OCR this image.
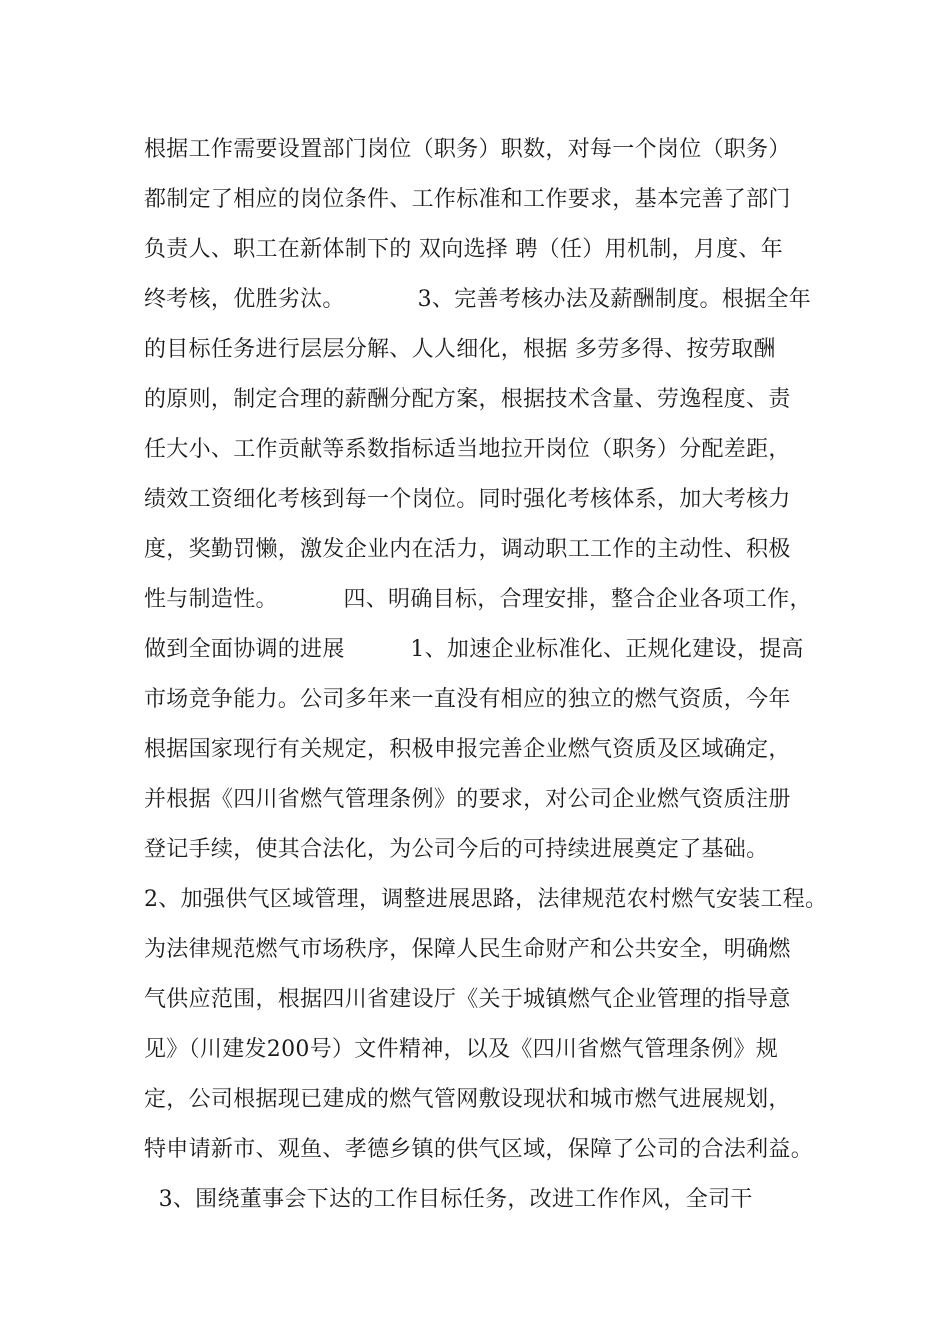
根据工作需要设置部门岗位（职务）职数，对每一个岗位（职务）
都制定了相应的岗位条件、工作标准和工作要求，基本完善了部门
负责人、职工在新体制下的 双向选择 聘（任）用机制，月度、年
终考核，优胜劣汰。          3、完善考核办法及薪酬制度。根据全年
的目标任务进行层层分解、人人细化，根据 多劳多得、按劳取酬
的原则，制定合理的薪酬分配方案，根据技术含量、劳逸程度、责
任大小、工作贡献等系数指标适当地拉开岗位（职务）分配差距，
绩效工资细化考核到每一个岗位。同时强化考核体系，加大考核力
度，奖勤罚懒，激发企业内在活力，调动职工工作的主动性、积极
性与制造性。         四、明确目标，合理安排，整合企业各项工作，
做到全面协调的进展         1、加速企业标准化、正规化建设，提高
市场竞争能力。公司多年来一直没有相应的独立的燃气资质，今年
根据国家现行有关规定，积极申报完善企业燃气资质及区域确定，
并根据《四川省燃气管理条例》的要求，对公司企业燃气资质注册
登记手续，使其合法化，为公司今后的可持续进展奠定了基础。
2、加强供气区域管理，调整进展思路，法律规范农村燃气安装工程。
为法律规范燃气市场秩序，保障人民生命财产和公共安全，明确燃
气供应范围，根据四川省建设厅《关于城镇燃气企业管理的指导意
见》（川建发200号）文件精神，以及《四川省燃气管理条例》规
定，公司根据现已建成的燃气管网敷设现状和城市燃气进展规划，
特申请新市、观鱼、孝德乡镇的供气区域，保障了公司的合法利益。
3、围绕董事会下达的工作目标任务，改进工作作风，全司干
